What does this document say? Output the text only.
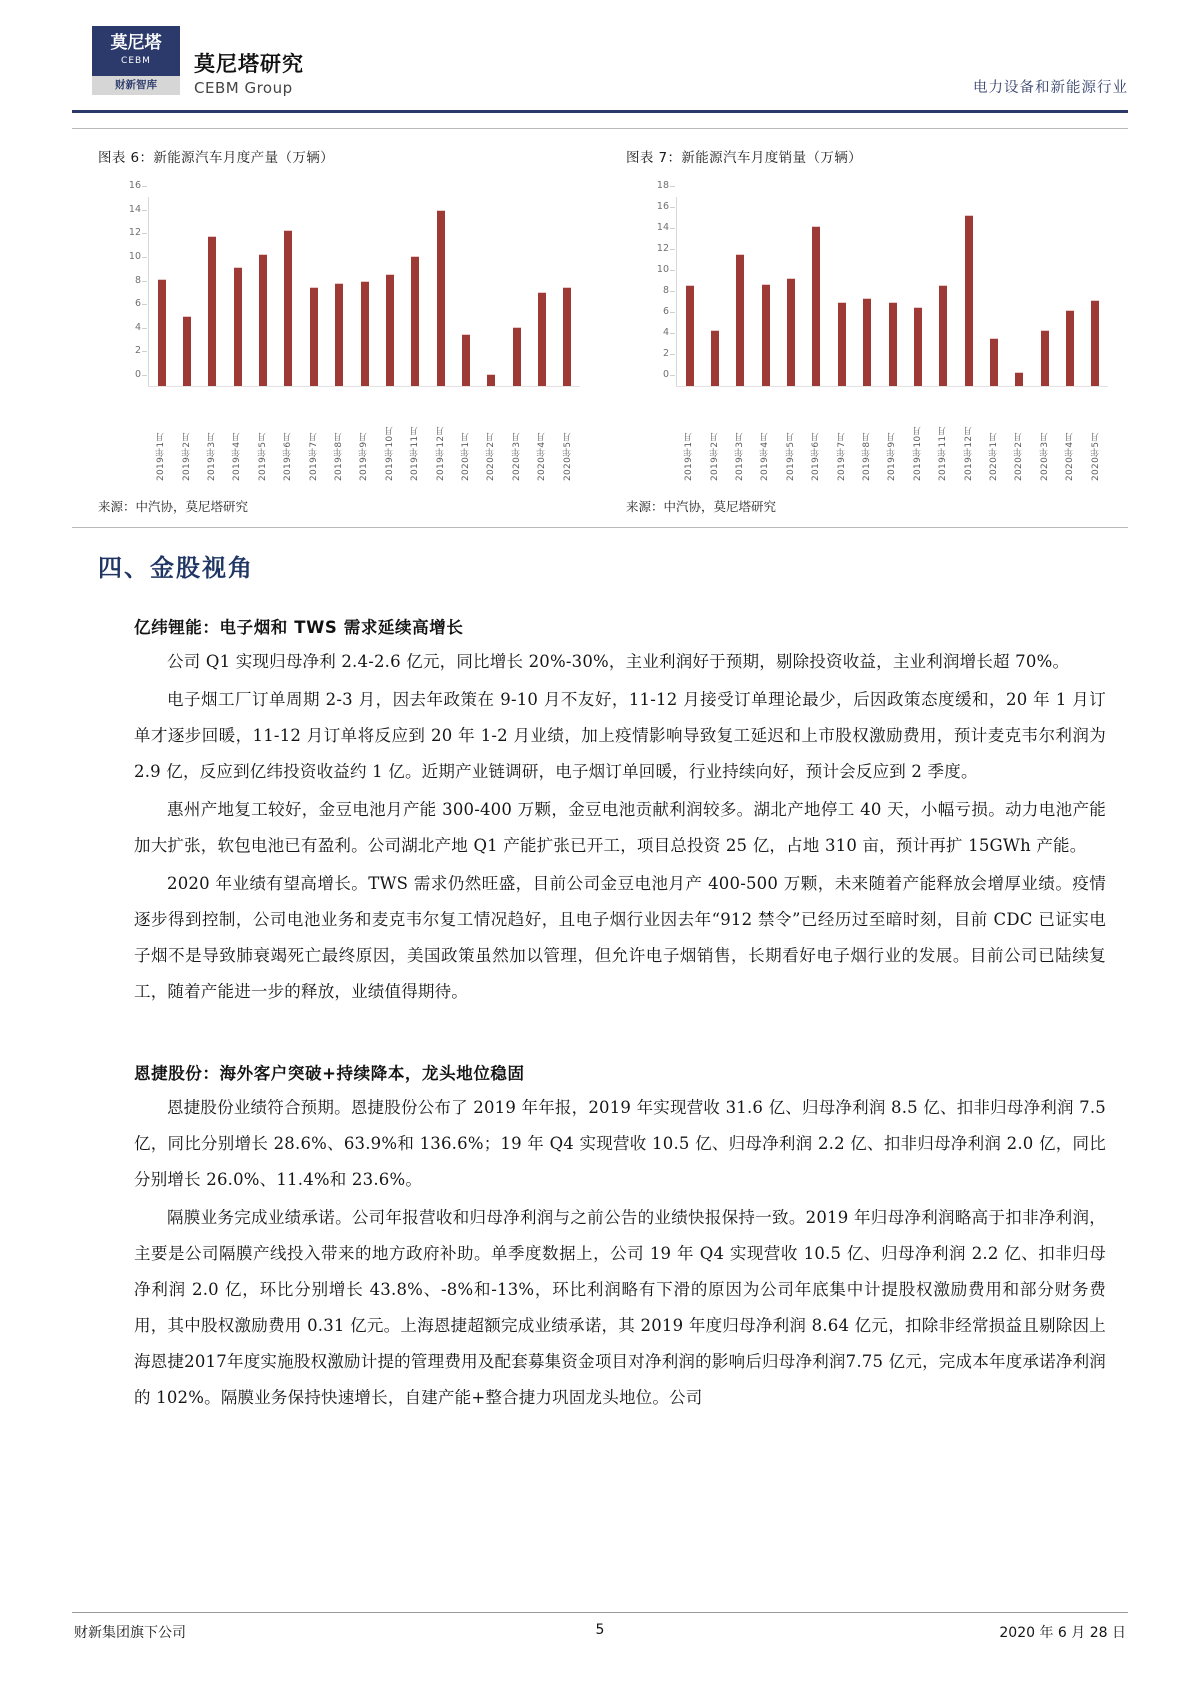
莫尼塔
CEBM
财新智库
莫尼塔研究
CEBM Group	电力设备和新能源行业
图表 6：新能源汽车月度产量（万辆）
0
2
4
6
8
10
12
14
16
2019年1月 2019年2月 2019年3月 2019年4月 2019年5月 2019年6月 2019年7月 2019年8月 2019年9月 2019年10月 2019年11月 2019年12月 2020年1月 2020年2月 2020年3月 2020年4月 2020年5月
来源：中汽协，莫尼塔研究
图表 7：新能源汽车月度销量（万辆）
0
2
4
6
8
10
12
14
16
18
2019年1月 2019年2月 2019年3月 2019年4月 2019年5月 2019年6月 2019年7月 2019年8月 2019年9月 2019年10月 2019年11月 2019年12月 2020年1月 2020年2月 2020年3月 2020年4月 2020年5月
来源：中汽协，莫尼塔研究
四、金股视角
亿纬锂能：电子烟和 TWS 需求延续高增长

公司 Q1 实现归母净利 2.4-2.6 亿元，同比增长 20%-30%，主业利润好于预期，剔除投资收益，主业利润增长超 70%。

电子烟工厂订单周期 2-3 月，因去年政策在 9-10 月不友好，11-12 月接受订单理论最少，后因政策态度缓和，20 年 1 月订单才逐步回暖，11-12 月订单将反应到 20 年 1-2 月业绩，加上疫情影响导致复工延迟和上市股权激励费用，预计麦克韦尔利润为 2.9 亿，反应到亿纬投资收益约 1 亿。近期产业链调研，电子烟订单回暖，行业持续向好，预计会反应到 2 季度。

惠州产地复工较好，金豆电池月产能 300-400 万颗，金豆电池贡献利润较多。湖北产地停工 40 天，小幅亏损。动力电池产能加大扩张，软包电池已有盈利。公司湖北产地 Q1 产能扩张已开工，项目总投资 25 亿，占地 310 亩，预计再扩 15GWh 产能。

2020 年业绩有望高增长。TWS 需求仍然旺盛，目前公司金豆电池月产 400-500 万颗，未来随着产能释放会增厚业绩。疫情逐步得到控制，公司电池业务和麦克韦尔复工情况趋好，且电子烟行业因去年“912 禁令”已经历过至暗时刻，目前 CDC 已证实电子烟不是导致肺衰竭死亡最终原因，美国政策虽然加以管理，但允许电子烟销售，长期看好电子烟行业的发展。目前公司已陆续复工，随着产能进一步的释放，业绩值得期待。

恩捷股份：海外客户突破+持续降本，龙头地位稳固

恩捷股份业绩符合预期。恩捷股份公布了 2019 年年报，2019 年实现营收 31.6 亿、归母净利润 8.5 亿、扣非归母净利润 7.5 亿，同比分别增长 28.6%、63.9%和 136.6%；19 年 Q4 实现营收 10.5 亿、归母净利润 2.2 亿、扣非归母净利润 2.0 亿，同比分别增长 26.0%、11.4%和 23.6%。

隔膜业务完成业绩承诺。公司年报营收和归母净利润与之前公告的业绩快报保持一致。2019 年归母净利润略高于扣非净利润，主要是公司隔膜产线投入带来的地方政府补助。单季度数据上，公司 19 年 Q4 实现营收 10.5 亿、归母净利润 2.2 亿、扣非归母净利润 2.0 亿，环比分别增长 43.8%、-8%和-13%，环比利润略有下滑的原因为公司年底集中计提股权激励费用和部分财务费用，其中股权激励费用 0.31 亿元。上海恩捷超额完成业绩承诺，其 2019 年度归母净利润 8.64 亿元，扣除非经常损益且剔除因上海恩捷2017年度实施股权激励计提的管理费用及配套募集资金项目对净利润的影响后归母净利润7.75 亿元，完成本年度承诺净利润的 102%。隔膜业务保持快速增长，自建产能+整合捷力巩固龙头地位。公司

财新集团旗下公司	5	2020 年 6 月 28 日
